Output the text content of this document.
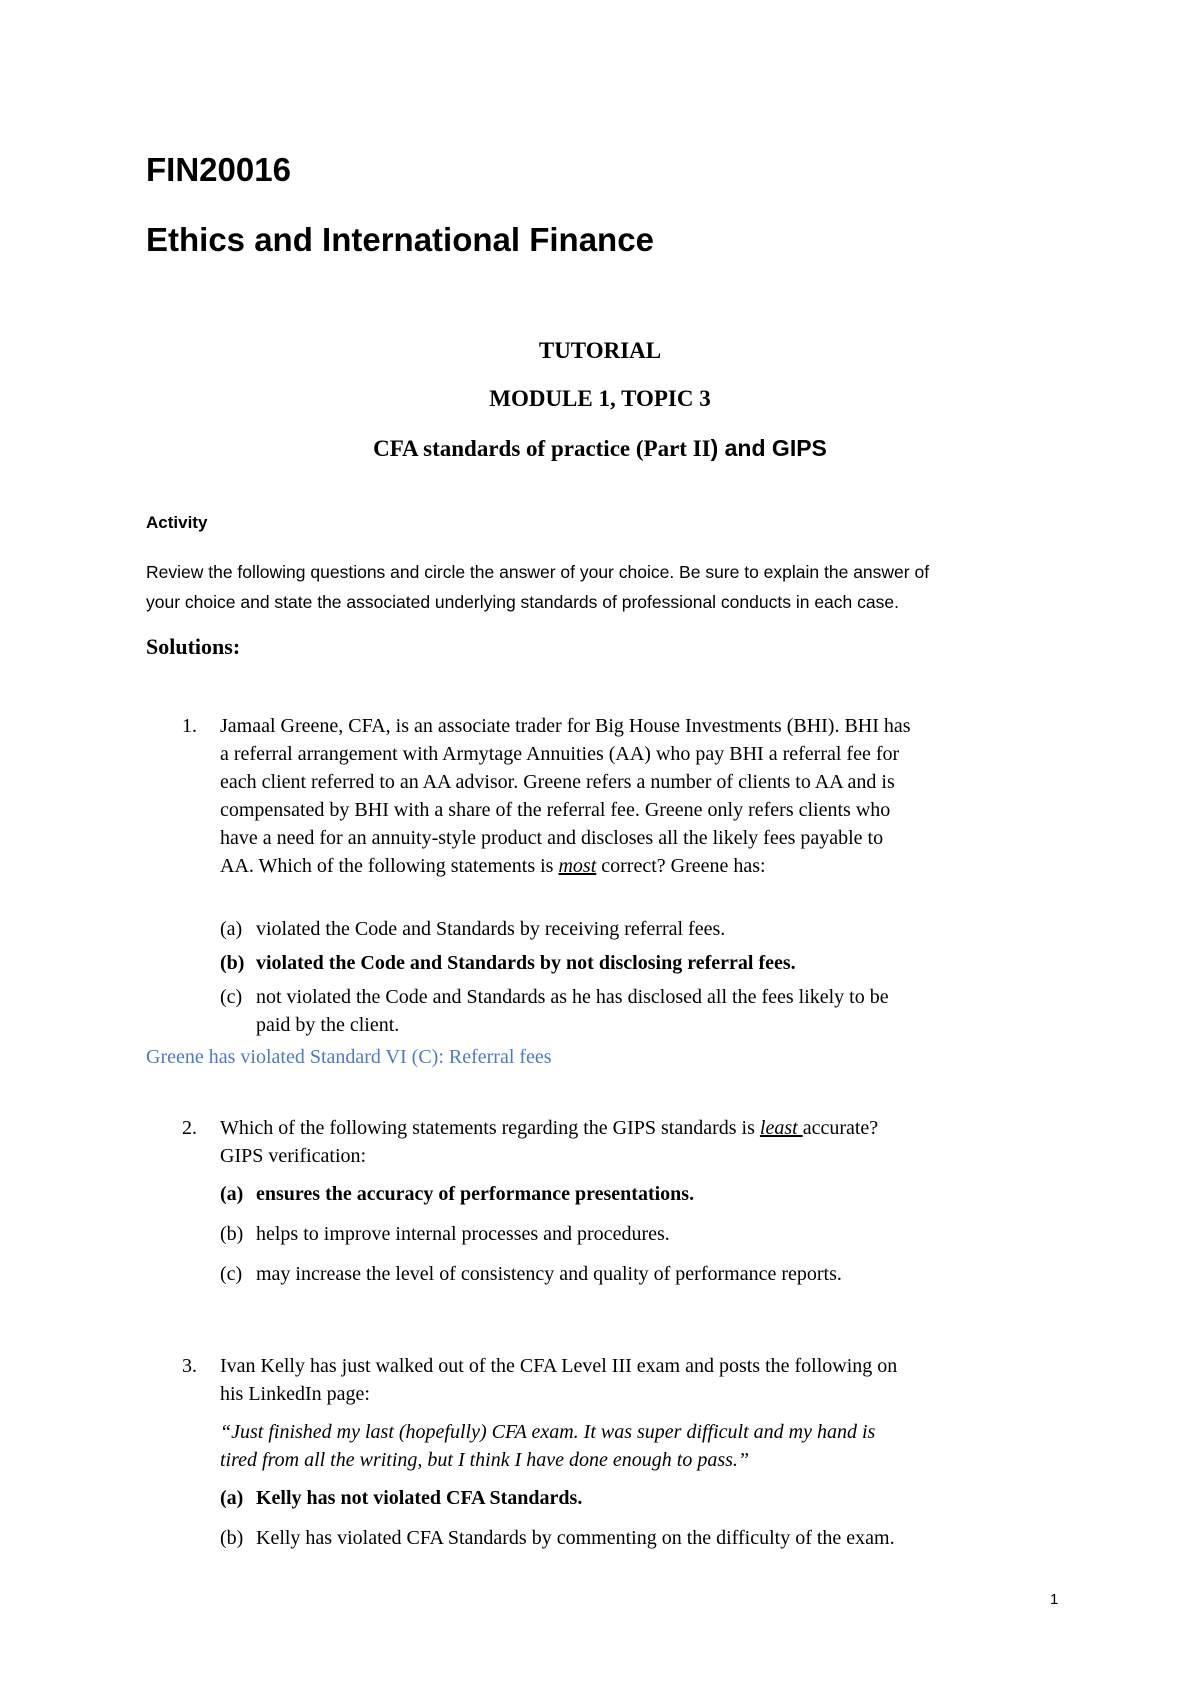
FIN20016
Ethics and International Finance
TUTORIAL
MODULE 1, TOPIC 3
CFA standards of practice (Part II) and GIPS
Activity
Review the following questions and circle the answer of your choice. Be sure to explain the answer of
your choice and state the associated underlying standards of professional conducts in each case.
Solutions:
1. Jamaal Greene, CFA, is an associate trader for Big House Investments (BHI). BHI has
a referral arrangement with Armytage Annuities (AA) who pay BHI a referral fee for
each client referred to an AA advisor. Greene refers a number of clients to AA and is
compensated by BHI with a share of the referral fee. Greene only refers clients who
have a need for an annuity-style product and discloses all the likely fees payable to
AA. Which of the following statements is most correct? Greene has:
(a) violated the Code and Standards by receiving referral fees.
(b) violated the Code and Standards by not disclosing referral fees.
(c) not violated the Code and Standards as he has disclosed all the fees likely to be
paid by the client.
Greene has violated Standard VI (C): Referral fees
2. Which of the following statements regarding the GIPS standards is least accurate?
GIPS verification:
(a) ensures the accuracy of performance presentations.
(b) helps to improve internal processes and procedures.
(c) may increase the level of consistency and quality of performance reports.
3. Ivan Kelly has just walked out of the CFA Level III exam and posts the following on
his LinkedIn page:
“Just finished my last (hopefully) CFA exam. It was super difficult and my hand is
tired from all the writing, but I think I have done enough to pass.”
(a) Kelly has not violated CFA Standards.
(b) Kelly has violated CFA Standards by commenting on the difficulty of the exam.
1
